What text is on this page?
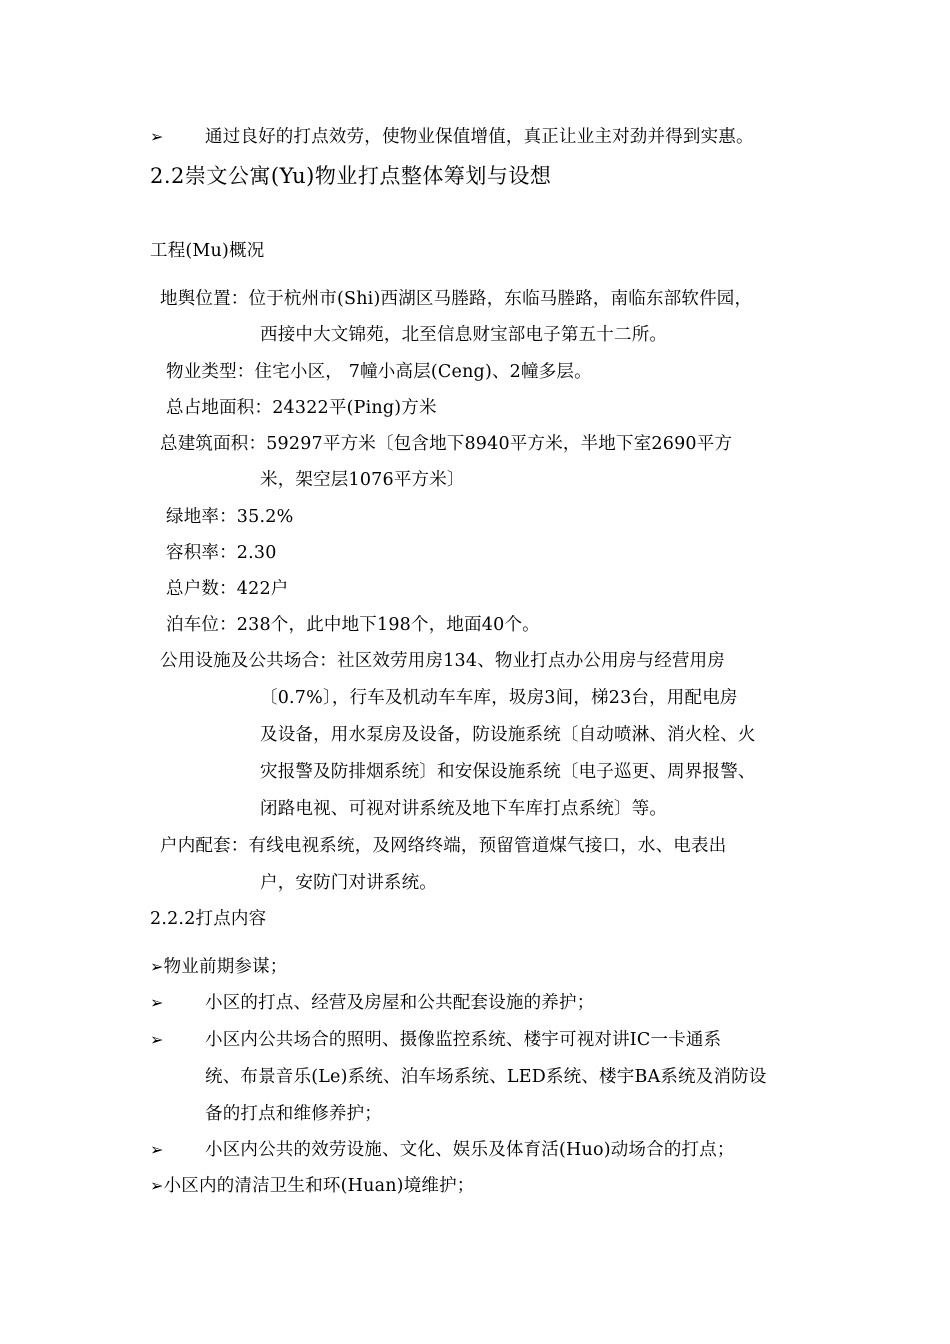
➢ 通过良好的打点效劳，使物业保值增值，真正让业主对劲并得到实惠。
2.2崇文公寓(Yu)物业打点整体筹划与设想
工程(Mu)概况
地舆位置：位于杭州市(Shi)西湖区马塍路，东临马塍路，南临东部软件园，
西接中大文锦苑，北至信息财宝部电子第五十二所。
物业类型：住宅小区， 7幢小高层(Ceng)、2幢多层。
总占地面积：24322平(Ping)方米
总建筑面积：59297平方米〔包含地下8940平方米，半地下室2690平方
米，架空层1076平方米〕
绿地率：35.2%
容积率：2.30
总户数：422户
泊车位：238个，此中地下198个，地面40个。
公用设施及公共场合：社区效劳用房134、物业打点办公用房与经营用房
〔0.7%〕，行车及机动车车库，圾房3间，梯23台，用配电房
及设备，用水泵房及设备，防设施系统〔自动喷淋、消火栓、火
灾报警及防排烟系统〕和安保设施系统〔电子巡更、周界报警、
闭路电视、可视对讲系统及地下车库打点系统〕等。
户内配套：有线电视系统，及网络终端，预留管道煤气接口，水、电表出
户，安防门对讲系统。
2.2.2打点内容
➢物业前期参谋；
➢ 小区的打点、经营及房屋和公共配套设施的养护；
➢ 小区内公共场合的照明、摄像监控系统、楼宇可视对讲IC一卡通系
统、布景音乐(Le)系统、泊车场系统、LED系统、楼宇BA系统及消防设
备的打点和维修养护；
➢ 小区内公共的效劳设施、文化、娱乐及体育活(Huo)动场合的打点；
➢小区内的清洁卫生和环(Huan)境维护；
